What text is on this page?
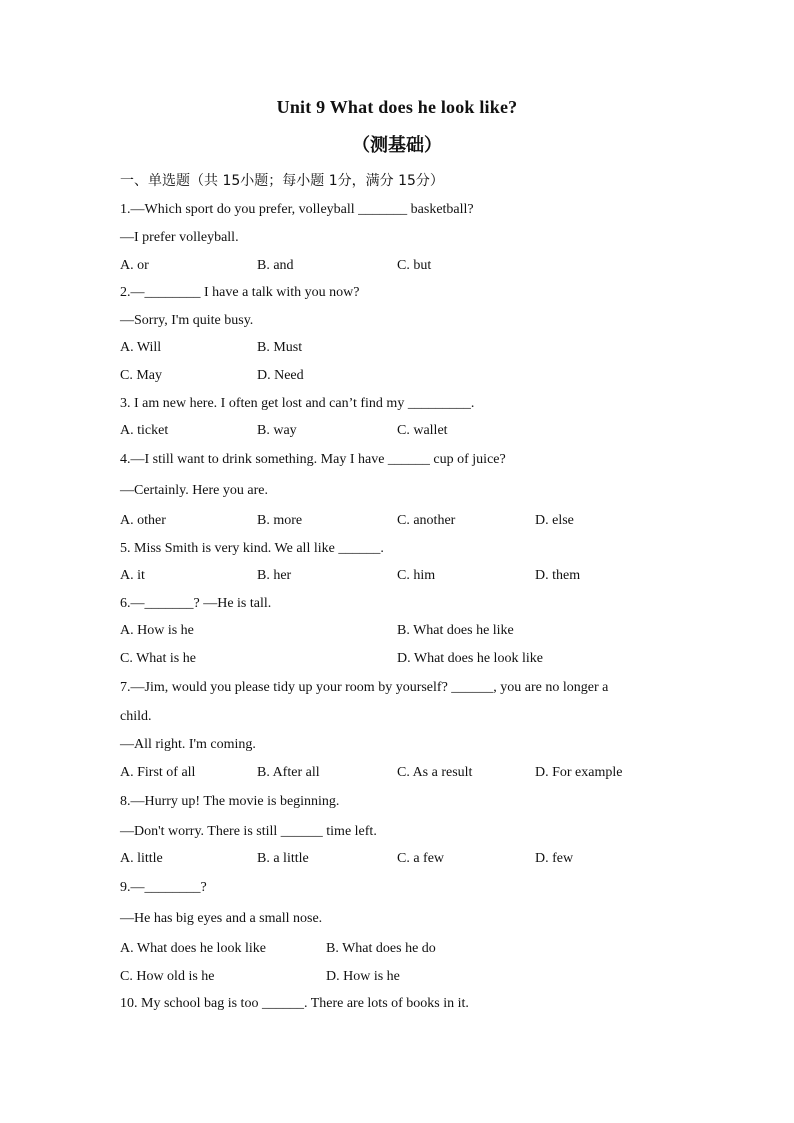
Unit 9 What does he look like?
（测基础）
一、单选题（共 15小题；每小题 1分，满分 15分）
1.—Which sport do you prefer, volleyball _______ basketball?
—I prefer volleyball.
A. or	B. and	C. but
2.—________ I have a talk with you now?
—Sorry, I'm quite busy.
A. Will	B. Must
C. May	D. Need
3. I am new here. I often get lost and can’t find my _________.
A. ticket	B. way	C. wallet
4.—I still want to drink something. May I have ______ cup of juice?
—Certainly. Here you are.
A. other	B. more	C. another	D. else
5. Miss Smith is very kind. We all like ______.
A. it	B. her	C. him	D. them
6.—_______? —He is tall.
A. How is he	B. What does he like
C. What is he	D. What does he look like
7.—Jim, would you please tidy up your room by yourself? ______, you are no longer a
child.
—All right. I'm coming.
A. First of all	B. After all	C. As a result	D. For example
8.—Hurry up! The movie is beginning.
—Don't worry. There is still ______ time left.
A. little	B. a little	C. a few	D. few
9.—________?
—He has big eyes and a small nose.
A. What does he look like	B. What does he do
C. How old is he	D. How is he
10. My school bag is too ______. There are lots of books in it.
